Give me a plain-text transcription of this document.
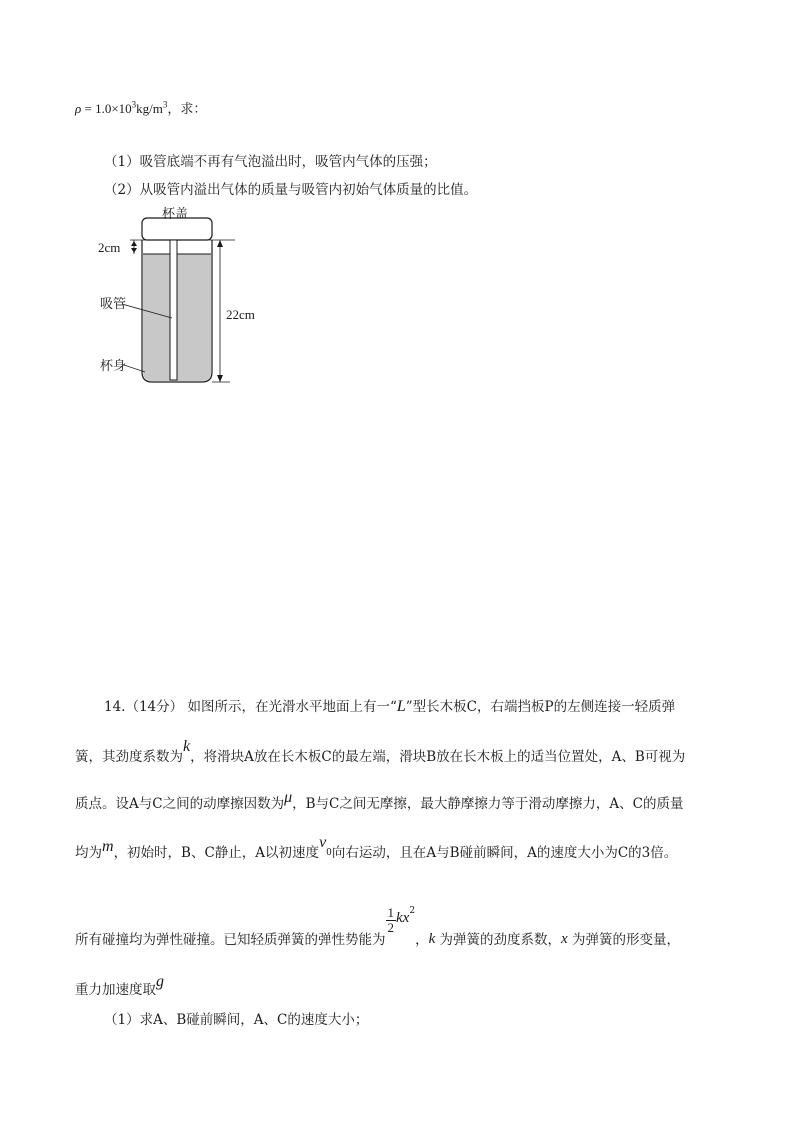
$\rho = 1.0\times 10^3kg/m^3$，求：
（1）吸管底端不再有气泡溢出时，吸管内气体的压强；
（2）从吸管内溢出气体的质量与吸管内初始气体质量的比值。
杯盖
2cm
吸管
22cm
杯身
14.（14分） 如图所示，在光滑水平地面上有一“L”型长木板C，右端挡板P的左侧连接一轻质弹
簧，其劲度系数为k，将滑块A放在长木板C的最左端，滑块B放在长木板上的适当位置处，A、B可视为
质点。设A与C之间的动摩擦因数为μ，B与C之间无摩擦，最大静摩擦力等于滑动摩擦力，A、C的质量
均为m，初始时，B、C静止，A以初速度$v_0$向右运动，且在A与B碰前瞬间，A的速度大小为C的3倍。
所有碰撞均为弹性碰撞。已知轻质弹簧的弹性势能为
$\frac{1}{2} kx^2$，k 为弹簧的劲度系数，x 为弹簧的形变量，
重力加速度取g
（1）求A、B碰前瞬间，A、C的速度大小；
